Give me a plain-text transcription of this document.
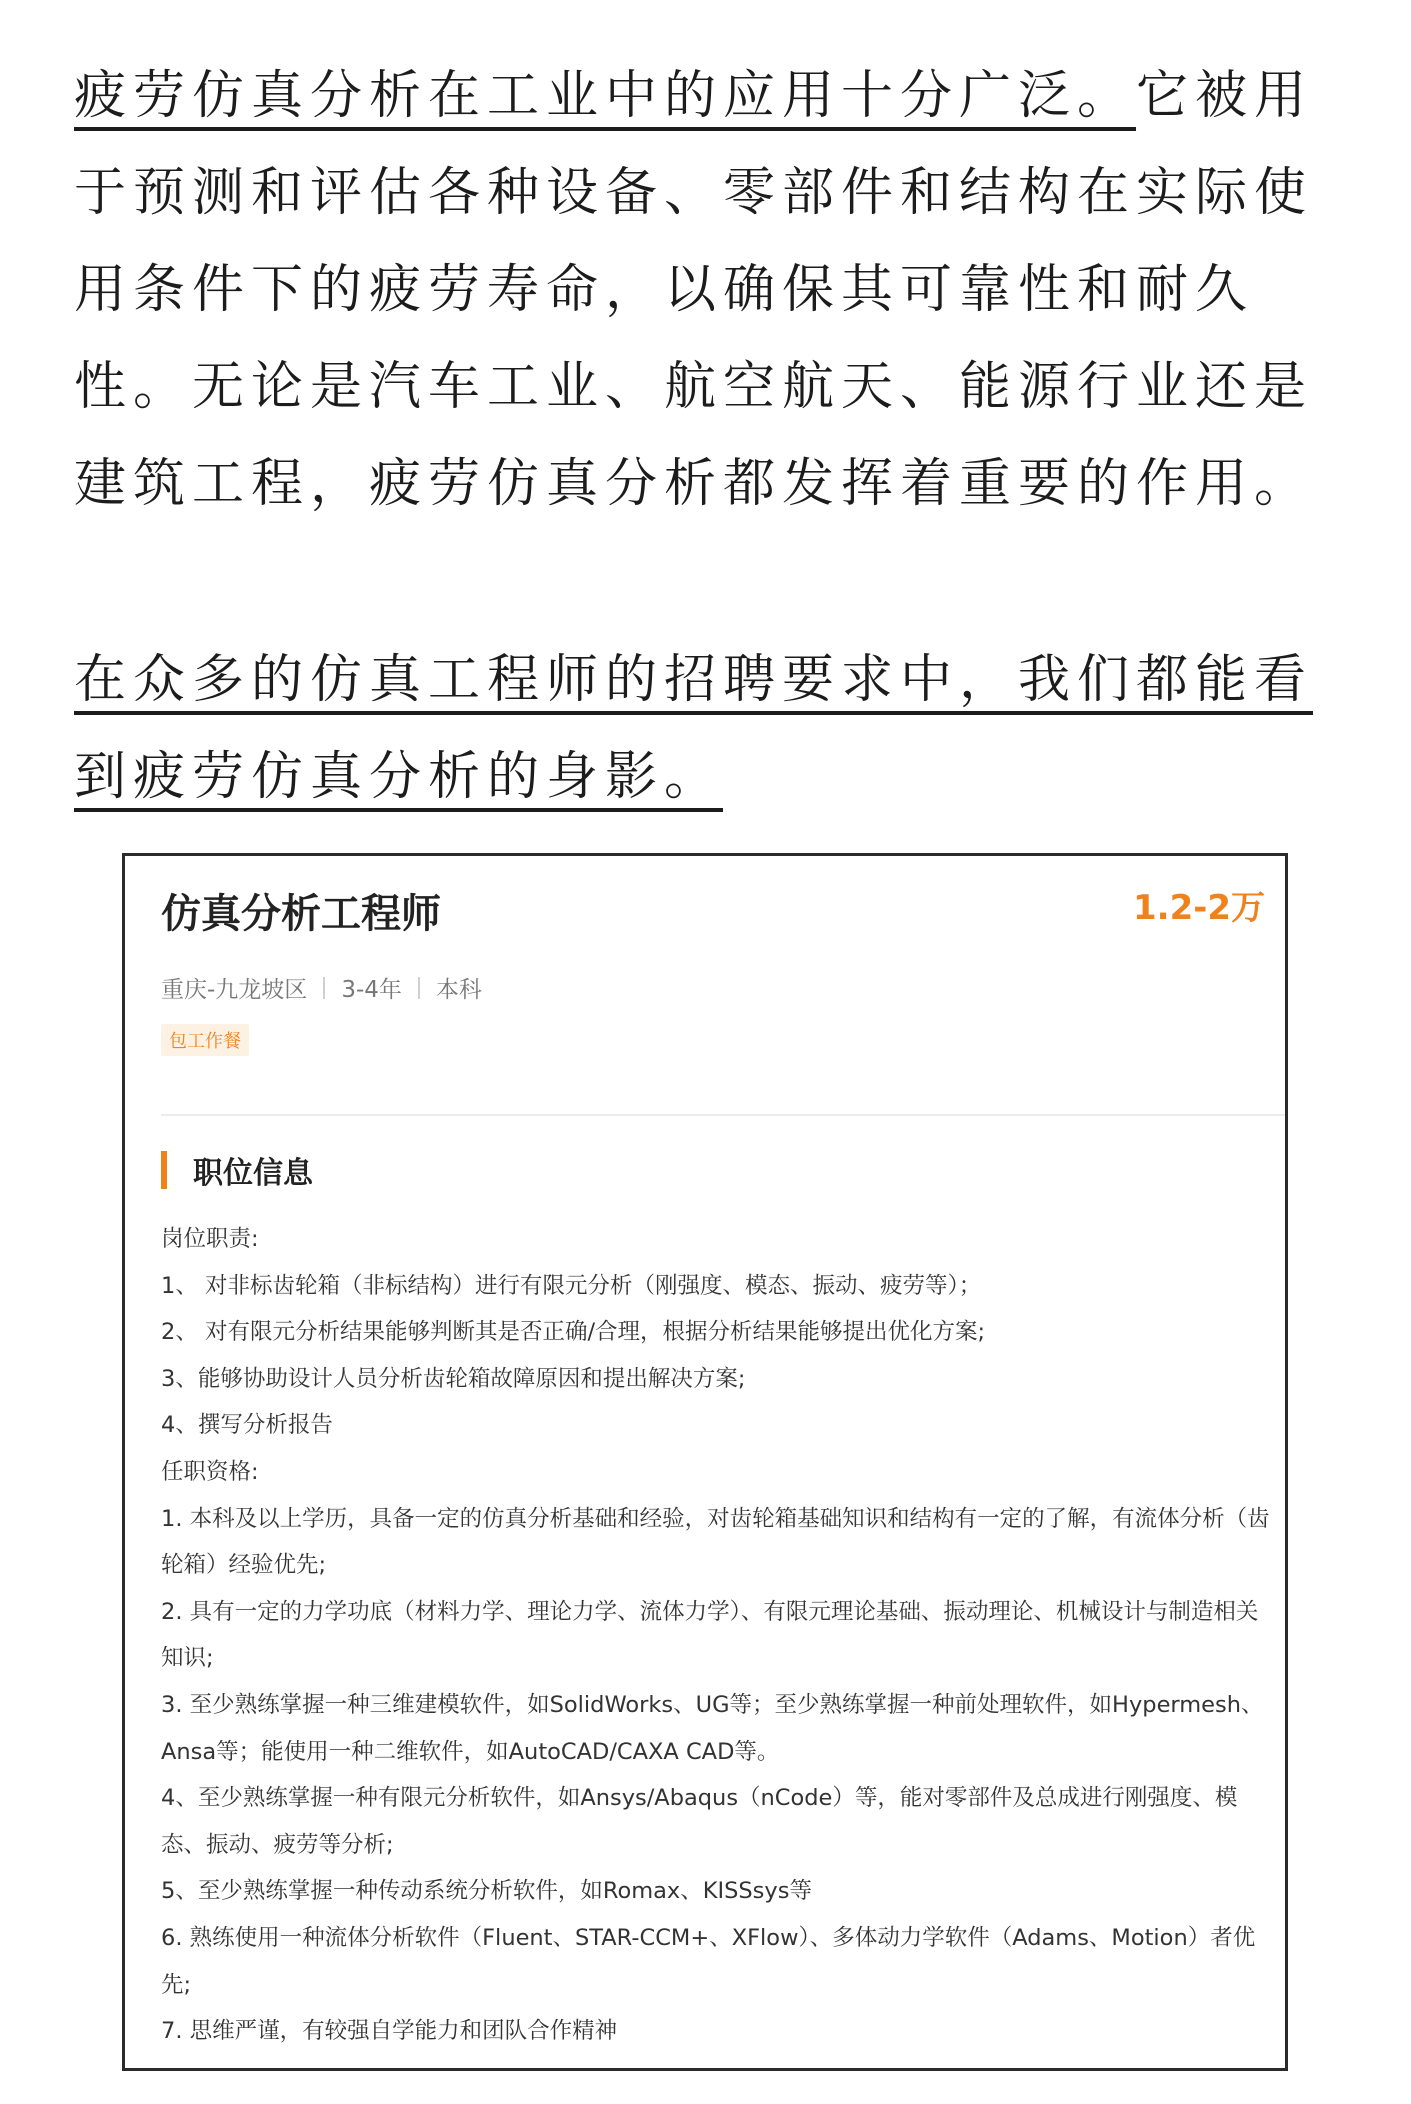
疲劳仿真分析在工业中的应用十分广泛。它被用于预测和评估各种设备、零部件和结构在实际使用条件下的疲劳寿命，以确保其可靠性和耐久性。无论是汽车工业、航空航天、能源行业还是建筑工程，疲劳仿真分析都发挥着重要的作用。

在众多的仿真工程师的招聘要求中，我们都能看到疲劳仿真分析的身影。

仿真分析工程师	1.2-2万
重庆-九龙坡区 3-4年 本科
包工作餐
职位信息
岗位职责:
1、 对非标齿轮箱（非标结构）进行有限元分析（刚强度、模态、振动、疲劳等）；
2、 对有限元分析结果能够判断其是否正确/合理，根据分析结果能够提出优化方案;
3、能够协助设计人员分析齿轮箱故障原因和提出解决方案;
4、撰写分析报告
任职资格:
1. 本科及以上学历，具备一定的仿真分析基础和经验，对齿轮箱基础知识和结构有一定的了解，有流体分析（齿轮箱）经验优先;
2. 具有一定的力学功底（材料力学、理论力学、流体力学）、有限元理论基础、振动理论、机械设计与制造相关知识;
3. 至少熟练掌握一种三维建模软件，如SolidWorks、UG等；至少熟练掌握一种前处理软件，如Hypermesh、Ansa等；能使用一种二维软件，如AutoCAD/CAXA CAD等。
4、至少熟练掌握一种有限元分析软件，如Ansys/Abaqus（nCode）等，能对零部件及总成进行刚强度、模态、振动、疲劳等分析;
5、至少熟练掌握一种传动系统分析软件，如Romax、KISSsys等
6. 熟练使用一种流体分析软件（Fluent、STAR-CCM+、XFlow）、多体动力学软件（Adams、Motion）者优先;
7. 思维严谨，有较强自学能力和团队合作精神
